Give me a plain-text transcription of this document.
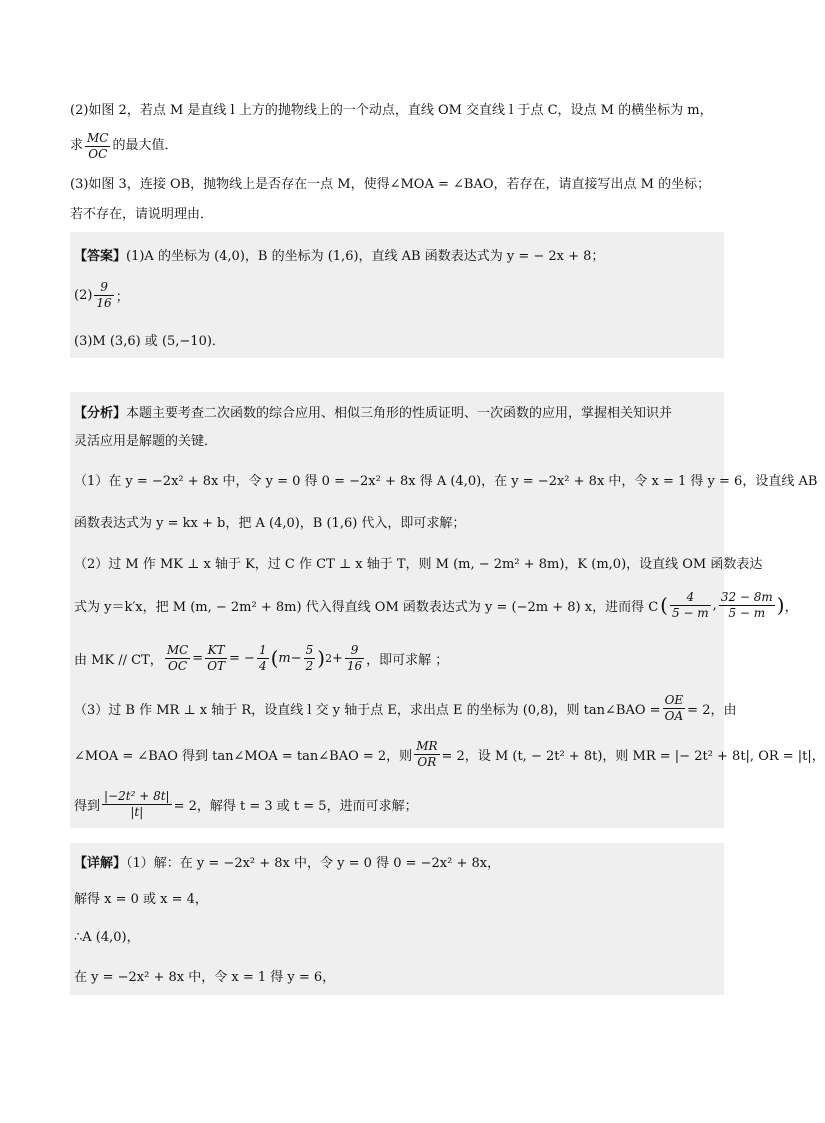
(2)如图 2，若点 M 是直线 l 上方的抛物线上的一个动点，直线 OM 交直线 l 于点 C，设点 M 的横坐标为 m，
求 $\frac{MC}{OC}$ 的最大值．
(3)如图 3，连接 OB，抛物线上是否存在一点 M，使得∠MOA = ∠BAO，若存在，请直接写出点 M 的坐标；
若不存在，请说明理由．
【答案】(1)A 的坐标为 (4,0)，B 的坐标为 (1,6)，直线 AB 函数表达式为 y = − 2x + 8；
$(2) \frac{9}{16}$ ；
(3)M (3,6) 或 (5,−10)．
【分析】本题主要考查二次函数的综合应用、相似三角形的性质证明、一次函数的应用，掌握相关知识并
灵活应用是解题的关键．
（1）在 y = −2x² + 8x 中，令 y = 0 得 0 = −2x² + 8x 得 A (4,0)，在 y = −2x² + 8x 中，令 x = 1 得 y = 6，设直线 AB
函数表达式为 y = kx + b，把 A (4,0)，B (1,6) 代入，即可求解；
（2）过 M 作 MK ⊥ x 轴于 K，过 C 作 CT ⊥ x 轴于 T，则 M (m, − 2m² + 8m)，K (m,0)，设直线 OM 函数表达
式为 y＝k′x，把 M (m, − 2m² + 8m) 代入得直线 OM 函数表达式为 y = (−2m + 8) x，进而得 C ( $\frac{4}{5 - m}$ , $\frac{32 - 8m}{5 - m}$ ) ，
由 MK // CT， $\frac{MC}{OC} = \frac{KT}{OT}$ = − $\frac{1}{4}$ ( $m - \frac{5}{2}$ ) $2 + \frac{9}{16}$ ，即可求解 ；
（3）过 B 作 MR ⊥ x 轴于 R，设直线 l 交 y 轴于点 E，求出点 E 的坐标为 (0,8)，则 tan∠BAO = $\frac{OE}{OA} = 2$，由
∠MOA = ∠BAO 得到 tan∠MOA = tan∠BAO = 2，则 $\frac{MR}{OR} = 2$，设 M (t, − 2t² + 8t)，则 MR = |− 2t² + 8t|, OR = |t|，
得到 $\frac{\text{|−2t² + 8t|}}{|t|} = 2$，解得 t = 3 或 t = 5，进而可求解；
【详解】（1）解：在 y = −2x² + 8x 中，令 y = 0 得 0 = −2x² + 8x，
解得 x = 0 或 x = 4，
∴A (4,0)，
在 y = −2x² + 8x 中，令 x = 1 得 y = 6，
